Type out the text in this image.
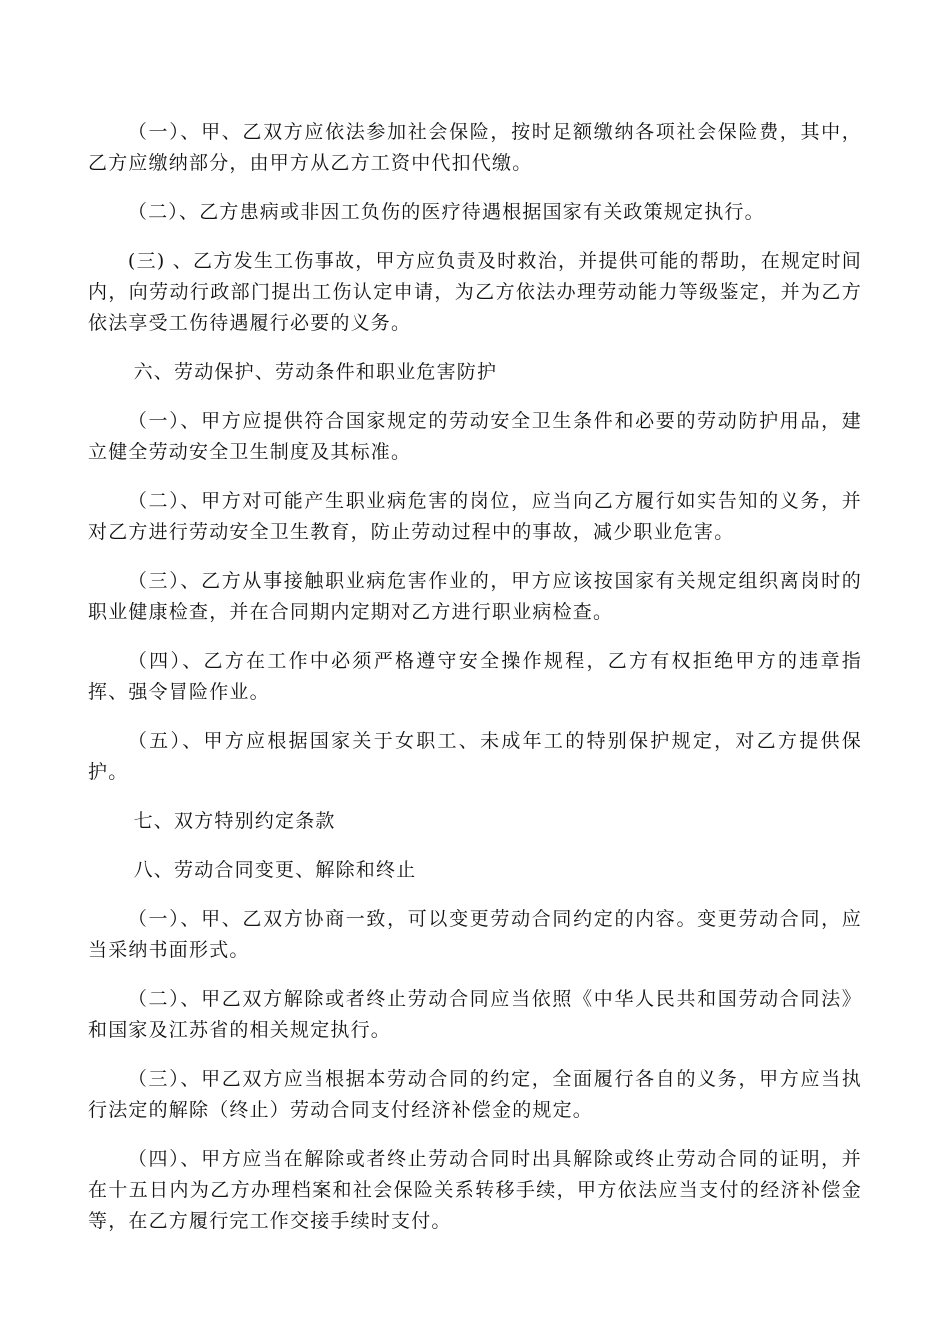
（一）、甲、乙双方应依法参加社会保险，按时足额缴纳各项社会保险费，其中，乙方应缴纳部分，由甲方从乙方工资中代扣代缴。

（二）、乙方患病或非因工负伤的医疗待遇根据国家有关政策规定执行。

(三) 、乙方发生工伤事故，甲方应负责及时救治，并提供可能的帮助，在规定时间内，向劳动行政部门提出工伤认定申请，为乙方依法办理劳动能力等级鉴定，并为乙方依法享受工伤待遇履行必要的义务。

六、劳动保护、劳动条件和职业危害防护

（一）、甲方应提供符合国家规定的劳动安全卫生条件和必要的劳动防护用品，建立健全劳动安全卫生制度及其标准。

（二）、甲方对可能产生职业病危害的岗位，应当向乙方履行如实告知的义务，并对乙方进行劳动安全卫生教育，防止劳动过程中的事故，减少职业危害。

（三）、乙方从事接触职业病危害作业的，甲方应该按国家有关规定组织离岗时的职业健康检查，并在合同期内定期对乙方进行职业病检查。

（四）、乙方在工作中必须严格遵守安全操作规程，乙方有权拒绝甲方的违章指挥、强令冒险作业。

（五）、甲方应根据国家关于女职工、未成年工的特别保护规定，对乙方提供保护。

七、双方特别约定条款

八、劳动合同变更、解除和终止

（一）、甲、乙双方协商一致，可以变更劳动合同约定的内容。变更劳动合同，应当采纳书面形式。

（二）、甲乙双方解除或者终止劳动合同应当依照《中华人民共和国劳动合同法》和国家及江苏省的相关规定执行。

（三）、甲乙双方应当根据本劳动合同的约定，全面履行各自的义务，甲方应当执行法定的解除（终止）劳动合同支付经济补偿金的规定。

（四）、甲方应当在解除或者终止劳动合同时出具解除或终止劳动合同的证明，并在十五日内为乙方办理档案和社会保险关系转移手续，甲方依法应当支付的经济补偿金等，在乙方履行完工作交接手续时支付。
